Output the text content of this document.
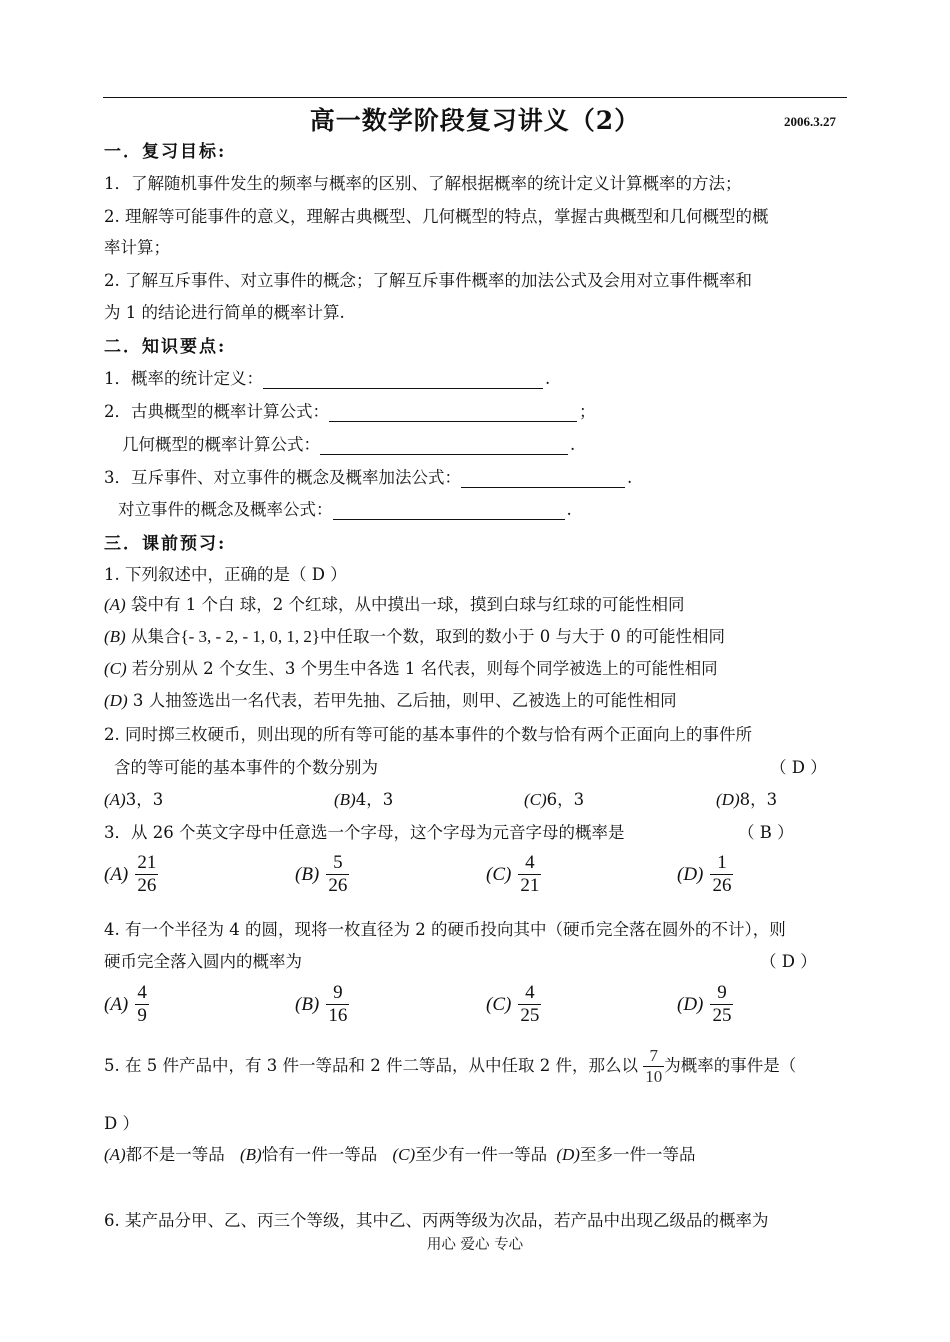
高一数学阶段复习讲义（2）	2006.3.27
一．复习目标:
1．了解随机事件发生的频率与概率的区别、了解根据概率的统计定义计算概率的方法；
2. 理解等可能事件的意义，理解古典概型、几何概型的特点，掌握古典概型和几何概型的概
率计算；
2. 了解互斥事件、对立事件的概念；了解互斥事件概率的加法公式及会用对立事件概率和
为 1 的结论进行简单的概率计算.
二．知识要点:
1．概率的统计定义：	.
2．古典概型的概率计算公式：	；
几何概型的概率计算公式：	.
3．互斥事件、对立事件的概念及概率加法公式：	.
对立事件的概念及概率公式：	.
三．课前预习:
1. 下列叙述中，正确的是（ D ）
(A) 袋中有 1 个白 球，2 个红球，从中摸出一球，摸到白球与红球的可能性相同
(B) 从集合{- 3, - 2, - 1, 0, 1, 2}中任取一个数，取到的数小于 0 与大于 0 的可能性相同
(C) 若分别从 2 个女生、3 个男生中各选 1 名代表，则每个同学被选上的可能性相同
(D) 3 人抽签选出一名代表，若甲先抽、乙后抽，则甲、乙被选上的可能性相同
2. 同时掷三枚硬币，则出现的所有等可能的基本事件的个数与恰有两个正面向上的事件所
含的等可能的基本事件的个数分别为	（ D ）
(A)3，3	(B)4，3	(C)6，3	(D)8，3
3．从 26 个英文字母中任意选一个字母，这个字母为元音字母的概率是	（ B ）
$(A) \frac{21}{26}$	$(B) \frac{5}{26}$	$(C) \frac{4}{21}$	$(D) \frac{1}{26}$
4. 有一个半径为 4 的圆，现将一枚直径为 2 的硬币投向其中（硬币完全落在圆外的不计），则
硬币完全落入圆内的概率为	（ D ）
$(A) \frac{4}{9}$	$(B) \frac{9}{16}$	$(C) \frac{4}{25}$	$(D) \frac{9}{25}$
5. 在 5 件产品中，有 3 件一等品和 2 件二等品，从中任取 2 件，那么以 $\frac{7}{10}$ 为概率的事件是（
D ）
(A)都不是一等品 (B)恰有一件一等品 (C)至少有一件一等品 (D)至多一件一等品
6. 某产品分甲、乙、丙三个等级，其中乙、丙两等级为次品，若产品中出现乙级品的概率为
用心 爱心 专心
